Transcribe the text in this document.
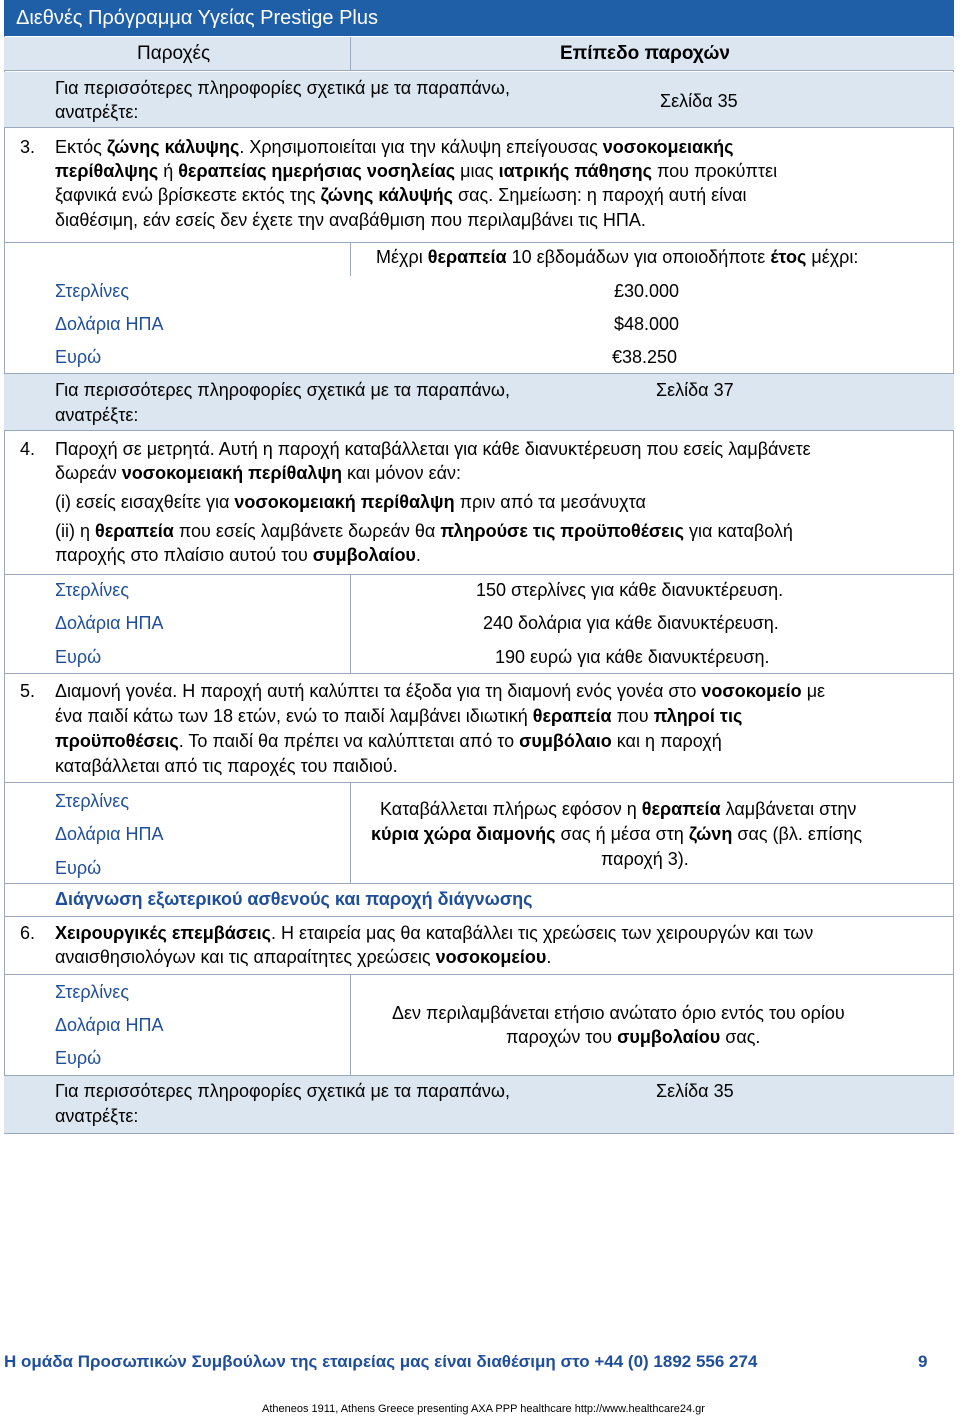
Διεθνές Πρόγραμμα Υγείας Prestige Plus
Παροχές	Επίπεδο παροχών
Για περισσότερες πληροφορίες σχετικά με τα παραπάνω,
ανατρέξτε:
Σελίδα 35
3. Εκτός ζώνης κάλυψης. Χρησιμοποιείται για την κάλυψη επείγουσας νοσοκομειακής
περίθαλψης ή θεραπείας ημερήσιας νοσηλείας μιας ιατρικής πάθησης που προκύπτει
ξαφνικά ενώ βρίσκεστε εκτός της ζώνης κάλυψής σας. Σημείωση: η παροχή αυτή είναι
διαθέσιμη, εάν εσείς δεν έχετε την αναβάθμιση που περιλαμβάνει τις ΗΠΑ.
Μέχρι θεραπεία 10 εβδομάδων για οποιοδήποτε έτος μέχρι:
Στερλίνες	£30.000
Δολάρια ΗΠΑ	$48.000
Ευρώ	€38.250
Για περισσότερες πληροφορίες σχετικά με τα παραπάνω,
ανατρέξτε:
Σελίδα 37
4. Παροχή σε μετρητά. Αυτή η παροχή καταβάλλεται για κάθε διανυκτέρευση που εσείς λαμβάνετε
δωρεάν νοσοκομειακή περίθαλψη και μόνον εάν:
(i) εσείς εισαχθείτε για νοσοκομειακή περίθαλψη πριν από τα μεσάνυχτα
(ii) η θεραπεία που εσείς λαμβάνετε δωρεάν θα πληρούσε τις προϋποθέσεις για καταβολή
παροχής στο πλαίσιο αυτού του συμβολαίου.
Στερλίνες	150 στερλίνες για κάθε διανυκτέρευση.
Δολάρια ΗΠΑ	240 δολάρια για κάθε διανυκτέρευση.
Ευρώ	190 ευρώ για κάθε διανυκτέρευση.
5. Διαμονή γονέα. Η παροχή αυτή καλύπτει τα έξοδα για τη διαμονή ενός γονέα στο νοσοκομείο με
ένα παιδί κάτω των 18 ετών, ενώ το παιδί λαμβάνει ιδιωτική θεραπεία που πληροί τις
προϋποθέσεις. Το παιδί θα πρέπει να καλύπτεται από το συμβόλαιο και η παροχή
καταβάλλεται από τις παροχές του παιδιού.
Στερλίνες
Δολάρια ΗΠΑ
Ευρώ
Καταβάλλεται πλήρως εφόσον η θεραπεία λαμβάνεται στην
κύρια χώρα διαμονής σας ή μέσα στη ζώνη σας (βλ. επίσης
παροχή 3).
Διάγνωση εξωτερικού ασθενούς και παροχή διάγνωσης
6. Χειρουργικές επεμβάσεις. Η εταιρεία μας θα καταβάλλει τις χρεώσεις των χειρουργών και των
αναισθησιολόγων και τις απαραίτητες χρεώσεις νοσοκομείου.
Στερλίνες
Δολάρια ΗΠΑ
Ευρώ
Δεν περιλαμβάνεται ετήσιο ανώτατο όριο εντός του ορίου
παροχών του συμβολαίου σας.
Για περισσότερες πληροφορίες σχετικά με τα παραπάνω,
ανατρέξτε:
Σελίδα 35
Η ομάδα Προσωπικών Συμβούλων της εταιρείας μας είναι διαθέσιμη στο +44 (0) 1892 556 274	9
Atheneos 1911, Athens Greece presenting AXA PPP healthcare http://www.healthcare24.gr
